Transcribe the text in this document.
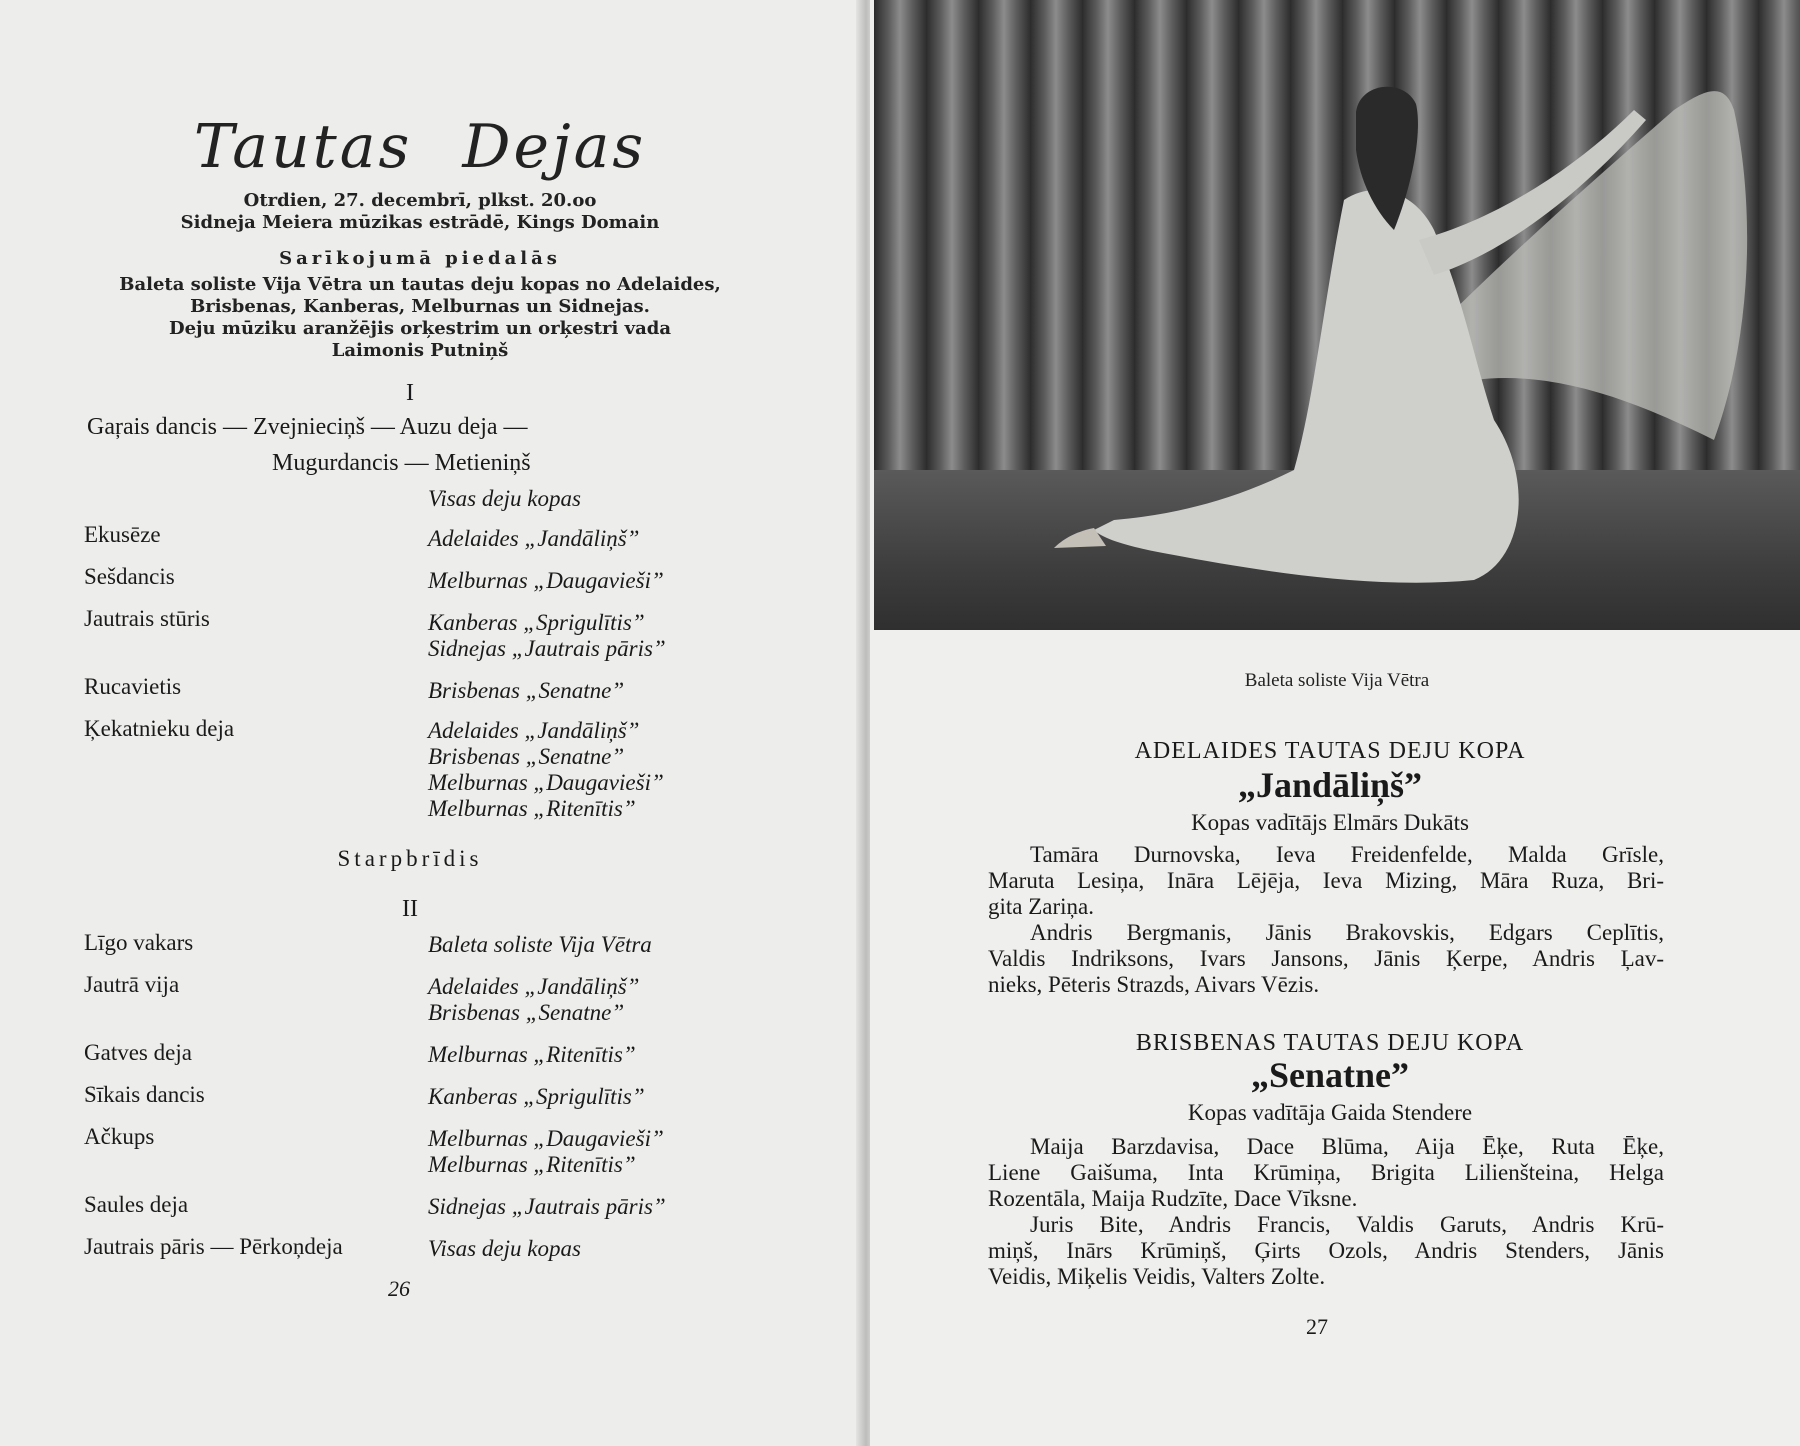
Tautas Dejas
Otrdien, 27. decembrī, plkst. 20.oo
Sidneja Meiera mūzikas estrādē, Kings Domain
Sarīkojumā piedalās
Baleta soliste Vija Vētra un tautas deju kopas no Adelaides,
Brisbenas, Kanberas, Melburnas un Sidnejas.
Deju mūziku aranžējis orķestrim un orķestri vada
Laimonis Putniņš
I
Gaŗais dancis — Zvejnieciņš — Auzu deja —
Mugurdancis — Metieniņš
Visas deju kopas
Ekusēze	Adelaides „Jandāliņš”
Sešdancis	Melburnas „Daugavieši”
Jautrais stūris	Kanberas „Sprigulītis”
Sidnejas „Jautrais pāris”
Rucavietis	Brisbenas „Senatne”
Ķekatnieku deja	Adelaides „Jandāliņš”
Brisbenas „Senatne”
Melburnas „Daugavieši”
Melburnas „Ritenītis”
Starpbrīdis
II
Līgo vakars	Baleta soliste Vija Vētra
Jautrā vija	Adelaides „Jandāliņš”
Brisbenas „Senatne”
Gatves deja	Melburnas „Ritenītis”
Sīkais dancis	Kanberas „Sprigulītis”
Ačkups	Melburnas „Daugavieši”
Melburnas „Ritenītis”
Saules deja	Sidnejas „Jautrais pāris”
Jautrais pāris — Pērkoņdeja	Visas deju kopas
26
Baleta soliste Vija Vētra
ADELAIDES TAUTAS DEJU KOPA
„Jandāliņš”
Kopas vadītājs Elmārs Dukāts
Tamāra Durnovska, Ieva Freidenfelde, Malda Grīsle,
Maruta Lesiņa, Ināra Lējēja, Ieva Mizing, Māra Ruza, Bri-
gita Zariņa.
Andris Bergmanis, Jānis Brakovskis, Edgars Ceplītis,
Valdis Indriksons, Ivars Jansons, Jānis Ķerpe, Andris Ļav-
nieks, Pēteris Strazds, Aivars Vēzis.
BRISBENAS TAUTAS DEJU KOPA
„Senatne”
Kopas vadītāja Gaida Stendere
Maija Barzdavisa, Dace Blūma, Aija Ēķe, Ruta Ēķe,
Liene Gaišuma, Inta Krūmiņa, Brigita Lilienšteina, Helga
Rozentāla, Maija Rudzīte, Dace Vīksne.
Juris Bite, Andris Francis, Valdis Garuts, Andris Krū-
miņš, Inārs Krūmiņš, Ģirts Ozols, Andris Stenders, Jānis
Veidis, Miķelis Veidis, Valters Zolte.
27
